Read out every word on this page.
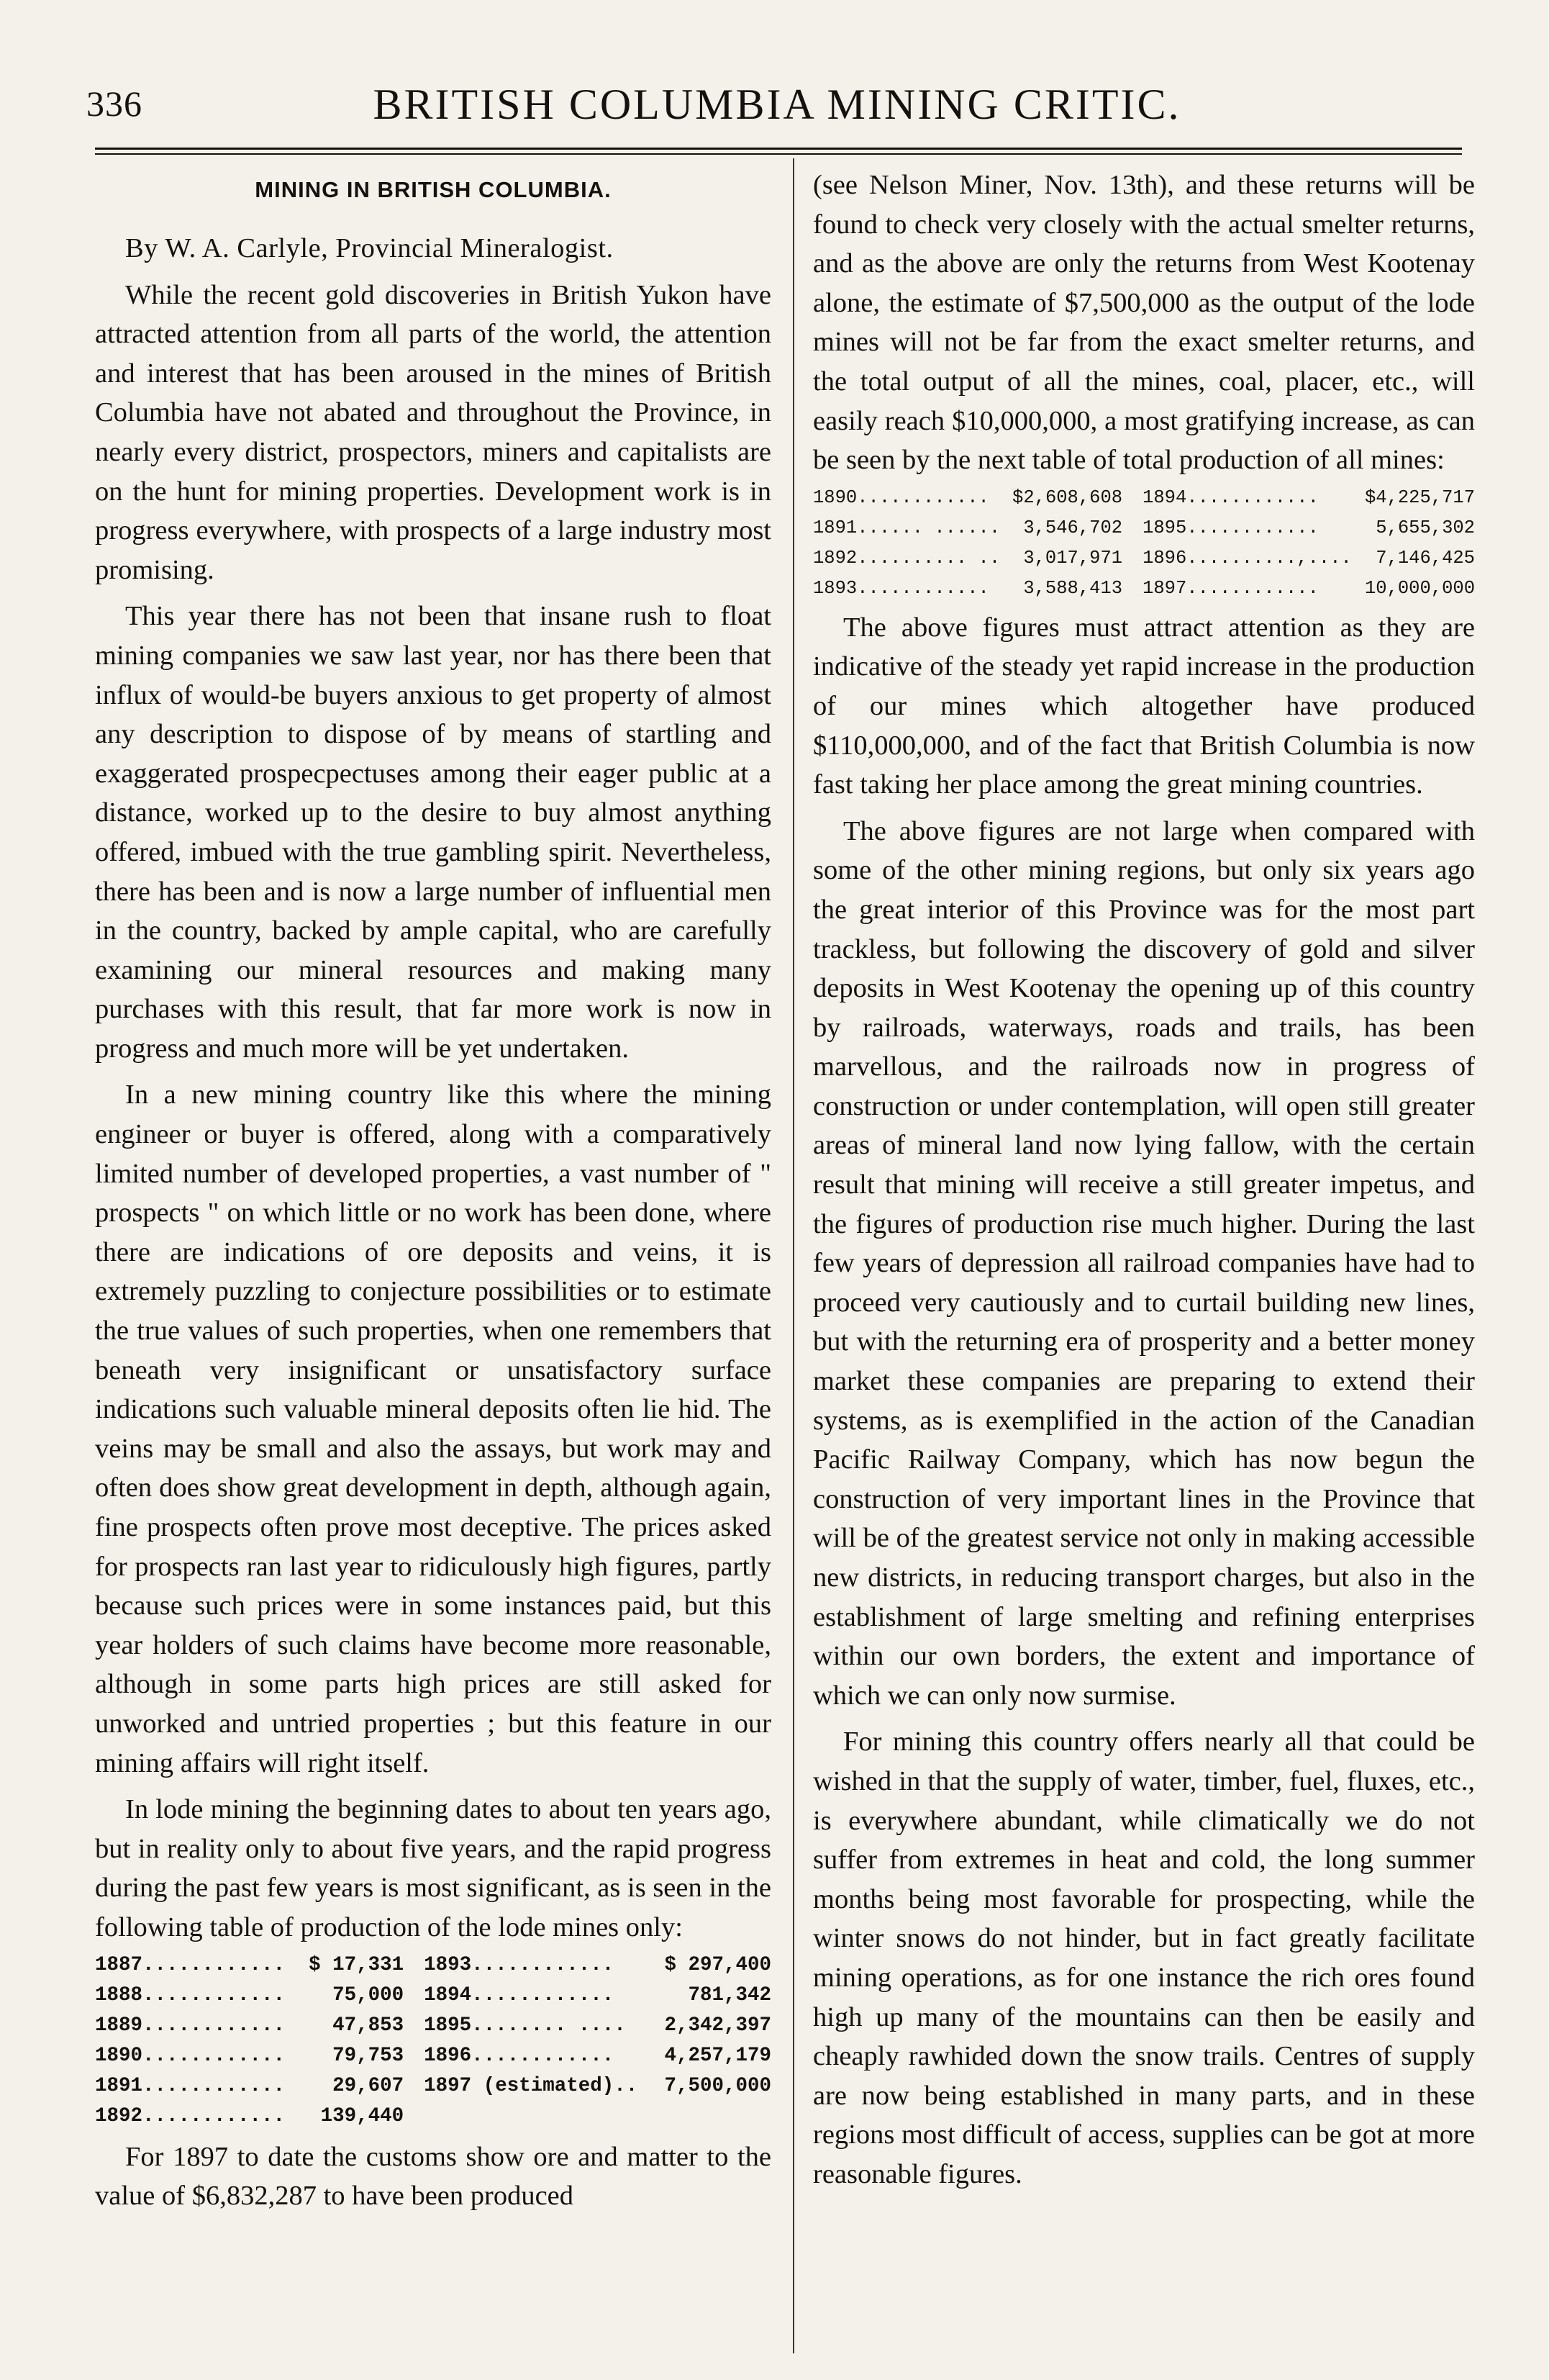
336	BRITISH COLUMBIA MINING CRITIC.
MINING IN BRITISH COLUMBIA.

By W. A. Carlyle, Provincial Mineralogist.

While the recent gold discoveries in British Yukon have attracted attention from all parts of the world, the attention and interest that has been aroused in the mines of British Columbia have not abated and throughout the Province, in nearly every district, prospectors, miners and capitalists are on the hunt for mining properties. Development work is in progress everywhere, with prospects of a large industry most promising.

This year there has not been that insane rush to float mining companies we saw last year, nor has there been that influx of would-be buyers anxious to get property of almost any description to dispose of by means of startling and exaggerated prospecpectuses among their eager public at a distance, worked up to the desire to buy almost anything offered, imbued with the true gambling spirit. Nevertheless, there has been and is now a large number of influential men in the country, backed by ample capital, who are carefully examining our mineral resources and making many purchases with this result, that far more work is now in progress and much more will be yet undertaken.

In a new mining country like this where the mining engineer or buyer is offered, along with a comparatively limited number of developed properties, a vast number of " prospects " on which little or no work has been done, where there are indications of ore deposits and veins, it is extremely puzzling to conjecture possibilities or to estimate the true values of such properties, when one remembers that beneath very insignificant or unsatisfactory surface indications such valuable mineral deposits often lie hid. The veins may be small and also the assays, but work may and often does show great development in depth, although again, fine prospects often prove most deceptive. The prices asked for prospects ran last year to ridiculously high figures, partly because such prices were in some instances paid, but this year holders of such claims have become more reasonable, although in some parts high prices are still asked for unworked and untried properties ; but this feature in our mining affairs will right itself.

In lode mining the beginning dates to about ten years ago, but in reality only to about five years, and the rapid progress during the past few years is most significant, as is seen in the following table of production of the lode mines only:

1887............	$ 17,331		1893............	$ 297,400
1888............	75,000		1894............	781,342
1889............	47,853		1895........ ....	2,342,397
1890............	79,753		1896............	4,257,179
1891............	29,607		1897 (estimated)..	7,500,000
1892............	139,440			

For 1897 to date the customs show ore and matter to the value of $6,832,287 to have been produced

(see Nelson Miner, Nov. 13th), and these returns will be found to check very closely with the actual smelter returns, and as the above are only the returns from West Kootenay alone, the estimate of $7,500,000 as the output of the lode mines will not be far from the exact smelter returns, and the total output of all the mines, coal, placer, etc., will easily reach $10,000,000, a most gratifying increase, as can be seen by the next table of total production of all mines:

1890............	$2,608,608		1894............	$4,225,717
1891...... ......	3,546,702		1895............	5,655,302
1892.......... ..	3,017,971		1896..........,....	7,146,425
1893............	3,588,413		1897............	10,000,000

The above figures must attract attention as they are indicative of the steady yet rapid increase in the production of our mines which altogether have produced $110,000,000, and of the fact that British Columbia is now fast taking her place among the great mining countries.

The above figures are not large when compared with some of the other mining regions, but only six years ago the great interior of this Province was for the most part trackless, but following the discovery of gold and silver deposits in West Kootenay the opening up of this country by railroads, waterways, roads and trails, has been marvellous, and the railroads now in progress of construction or under contemplation, will open still greater areas of mineral land now lying fallow, with the certain result that mining will receive a still greater impetus, and the figures of production rise much higher. During the last few years of depression all railroad companies have had to proceed very cautiously and to curtail building new lines, but with the returning era of prosperity and a better money market these companies are preparing to extend their systems, as is exemplified in the action of the Canadian Pacific Railway Company, which has now begun the construction of very important lines in the Province that will be of the greatest service not only in making accessible new districts, in reducing transport charges, but also in the establishment of large smelting and refining enterprises within our own borders, the extent and importance of which we can only now surmise.

For mining this country offers nearly all that could be wished in that the supply of water, timber, fuel, fluxes, etc., is everywhere abundant, while climatically we do not suffer from extremes in heat and cold, the long summer months being most favorable for prospecting, while the winter snows do not hinder, but in fact greatly facilitate mining operations, as for one instance the rich ores found high up many of the mountains can then be easily and cheaply rawhided down the snow trails. Centres of supply are now being established in many parts, and in these regions most difficult of access, supplies can be got at more reasonable figures.
